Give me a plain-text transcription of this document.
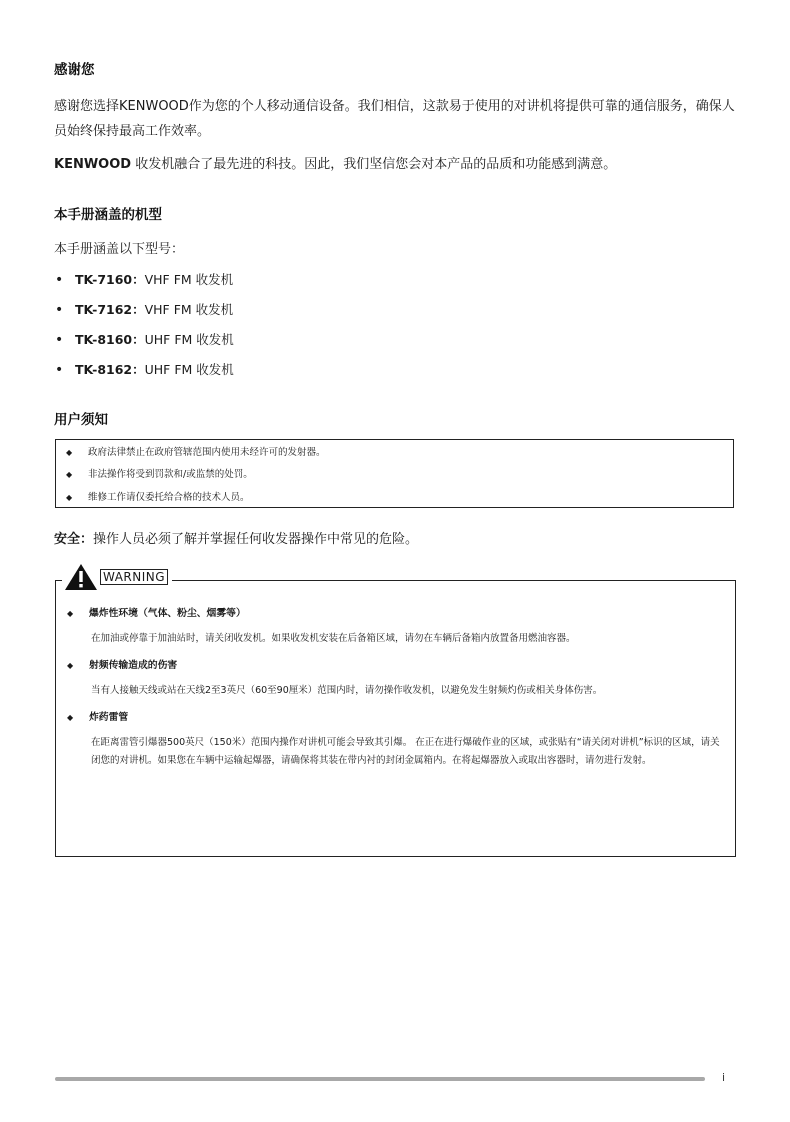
感谢您
感谢您选择KENWOOD作为您的个人移动通信设备。我们相信，这款易于使用的对讲机将提供可靠的通信服务，确保人员始终保持最高工作效率。
KENWOOD 收发机融合了最先进的科技。因此，我们坚信您会对本产品的品质和功能感到满意。
本手册涵盖的机型
本手册涵盖以下型号：
• TK-7160：VHF FM 收发机
• TK-7162：VHF FM 收发机
• TK-8160：UHF FM 收发机
• TK-8162：UHF FM 收发机
用户须知
◆ 政府法律禁止在政府管辖范围内使用未经许可的发射器。
◆ 非法操作将受到罚款和/或监禁的处罚。
◆ 维修工作请仅委托给合格的技术人员。
安全：操作人员必须了解并掌握任何收发器操作中常见的危险。
WARNING
◆ 爆炸性环境（气体、粉尘、烟雾等）
在加油或停靠于加油站时，请关闭收发机。如果收发机安装在后备箱区域，请勿在车辆后备箱内放置备用燃油容器。
◆ 射频传输造成的伤害
当有人接触天线或站在天线2至3英尺（60至90厘米）范围内时，请勿操作收发机，以避免发生射频灼伤或相关身体伤害。
◆ 炸药雷管
在距离雷管引爆器500英尺（150米）范围内操作对讲机可能会导致其引爆。 在正在进行爆破作业的区域，或张贴有“请关闭对讲机”标识的区域，请关闭您的对讲机。如果您在车辆中运输起爆器，请确保将其装在带内衬的封闭金属箱内。在将起爆器放入或取出容器时，请勿进行发射。
i
